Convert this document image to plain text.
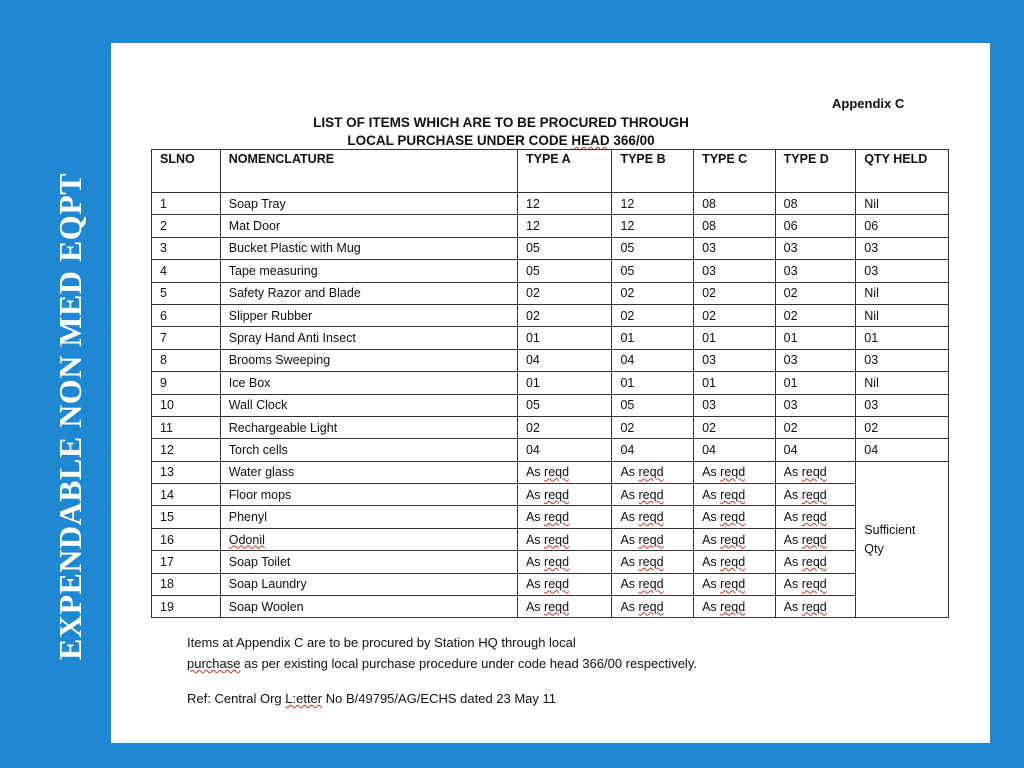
EXPENDABLE NON MED EQPT
Appendix C
LIST OF ITEMS WHICH ARE TO BE PROCURED THROUGH
LOCAL PURCHASE UNDER CODE HEAD 366/00
SLNO	NOMENCLATURE	TYPE A	TYPE B	TYPE C	TYPE D	QTY HELD
1	Soap Tray	12	12	08	08	Nil
2	Mat Door	12	12	08	06	06
3	Bucket Plastic with Mug	05	05	03	03	03
4	Tape measuring	05	05	03	03	03
5	Safety Razor and Blade	02	02	02	02	Nil
6	Slipper Rubber	02	02	02	02	Nil
7	Spray Hand Anti Insect	01	01	01	01	01
8	Brooms Sweeping	04	04	03	03	03
9	Ice Box	01	01	01	01	Nil
10	Wall Clock	05	05	03	03	03
11	Rechargeable Light	02	02	02	02	02
12	Torch cells	04	04	04	04	04
13	Water glass	As reqd	As reqd	As reqd	As reqd	Sufficient
Qty

14	Floor mops	As reqd	As reqd	As reqd	As reqd	
15	Phenyl	As reqd	As reqd	As reqd	As reqd	
16	Odonil	As reqd	As reqd	As reqd	As reqd	
17	Soap Toilet	As reqd	As reqd	As reqd	As reqd	
18	Soap Laundry	As reqd	As reqd	As reqd	As reqd	
19	Soap Woolen	As reqd	As reqd	As reqd	As reqd	
Items at Appendix C are to be procured by Station HQ through local
purchase as per existing local purchase procedure under code head 366/00 respectively.
Ref: Central Org L:etter No B/49795/AG/ECHS dated 23 May 11
